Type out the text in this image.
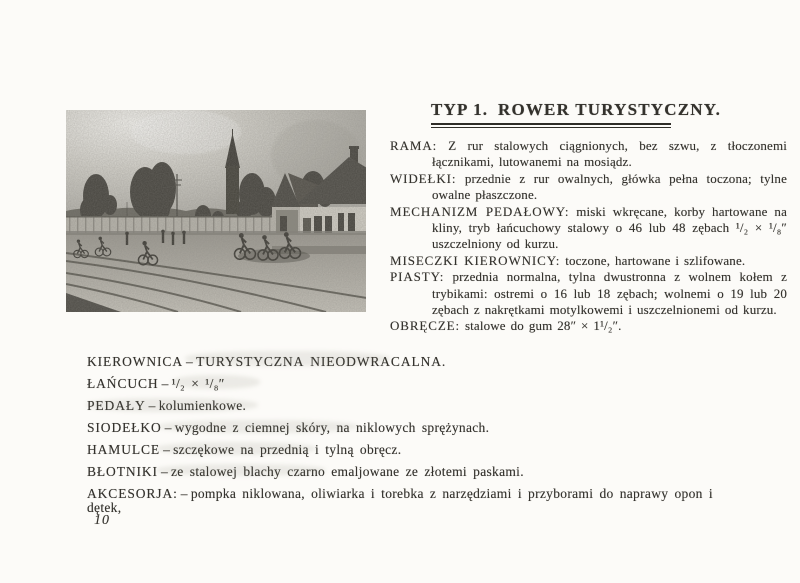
TYP 1. ROWER TURYSTYCZNY.

RAMA: Z rur stalowych ciągnionych, bez szwu, z tłoczonemi łącznikami, lutowanemi na mosiądz.

WIDEŁKI: przednie z rur owalnych, główka pełna toczona; tylne owalne płaszczone.

MECHANIZM PEDAŁOWY: miski wkręcane, korby hartowane na kliny, tryb łańcuchowy stalowy o 46 lub 48 zębach ¹/₂ × ¹/₈″ uszczelniony od kurzu.

MISECZKI KIEROWNICY: toczone, hartowane i szlifowane.

PIASTY: przednia normalna, tylna dwustronna z wolnem kołem z trybikami: ostremi o 16 lub 18 zębach; wolnemi o 19 lub 20 zębach z nakrętkami motylkowemi i uszczelnionemi od kurzu.

OBRĘCZE: stalowe do gum 28″ × 1¹/₂″.

KIEROWNICA – TURYSTYCZNA NIEODWRACALNA.
ŁAŃCUCH – ¹/₂ × ¹/₈″
PEDAŁY – kolumienkowe.
SIODEŁKO – wygodne z ciemnej skóry, na niklowych sprężynach.
HAMULCE – szczękowe na przednią i tylną obręcz.
BŁOTNIKI – ze stalowej blachy czarno emaljowane ze złotemi paskami.
AKCESORJA: – pompka niklowana, oliwiarka i torebka z narzędziami i przyborami do naprawy opon i dętek,
10
